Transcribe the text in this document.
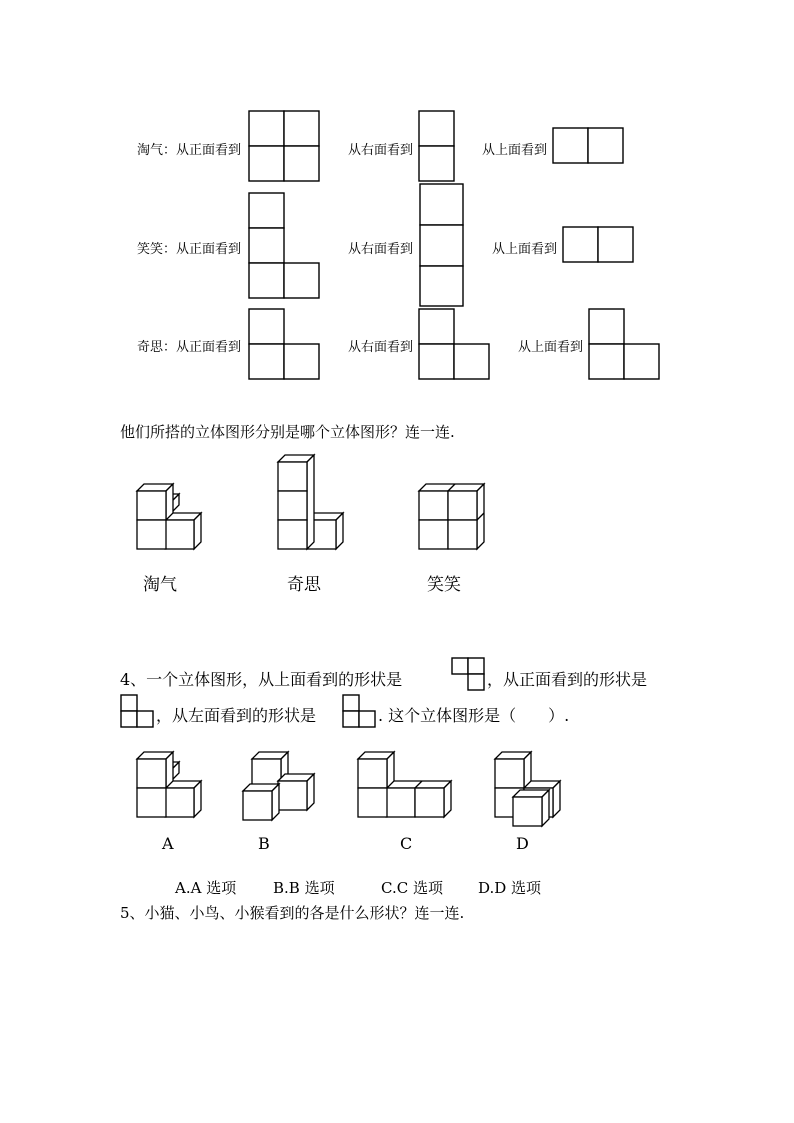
淘气：从正面看到	从右面看到	从上面看到
笑笑：从正面看到	从右面看到	从上面看到
奇思：从正面看到	从右面看到	从上面看到
他们所搭的立体图形分别是哪个立体图形？连一连.
淘气	奇思	笑笑
4、一个立体图形，从上面看到的形状是	，从正面看到的形状是
，从左面看到的形状是	. 这个立体图形是（　　）.
A	B	C	D
A.A 选项 B.B 选项	C.C 选项 D.D 选项
5、小猫、小鸟、小猴看到的各是什么形状？连一连.
